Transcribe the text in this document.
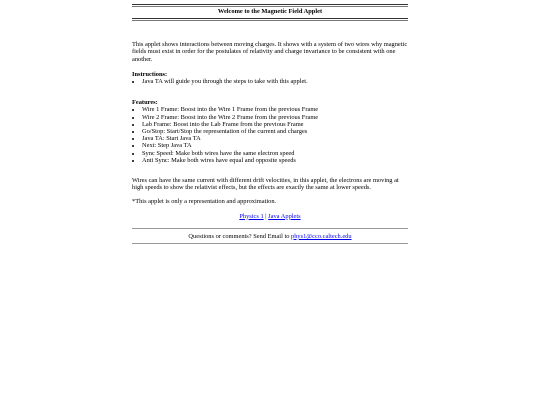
Welcome to the Magnetic Field Applet

This applet shows interactions between moving charges. It shows with a system of two wires why magnetic fields must exist in order for the postulates of relativity and charge invariance to be consistent with one another.

Instructions:
• Java TA will guide you through the steps to take with this applet.
Features:
• Wire 1 Frame: Boost into the Wire 1 Frame from the previous Frame
• Wire 2 Frame: Boost into the Wire 2 Frame from the previous Frame
• Lab Frame: Boost into the Lab Frame from the previous Frame
• Go/Stop: Start/Stop the representation of the current and charges
• Java TA: Start Java TA
• Next: Step Java TA
• Sync Speed: Make both wires have the same electron speed
• Anti Sync: Make both wires have equal and opposite speeds

Wires can have the same current with different drift velocities, in this applet, the electrons are moving at high speeds to show the relativist effects, but the effects are exactly the same at lower speeds.

*This applet is only a representation and approximation.

Physics 1 | Java Applets
Questions or comments? Send Email to phys1@cco.caltech.edu
